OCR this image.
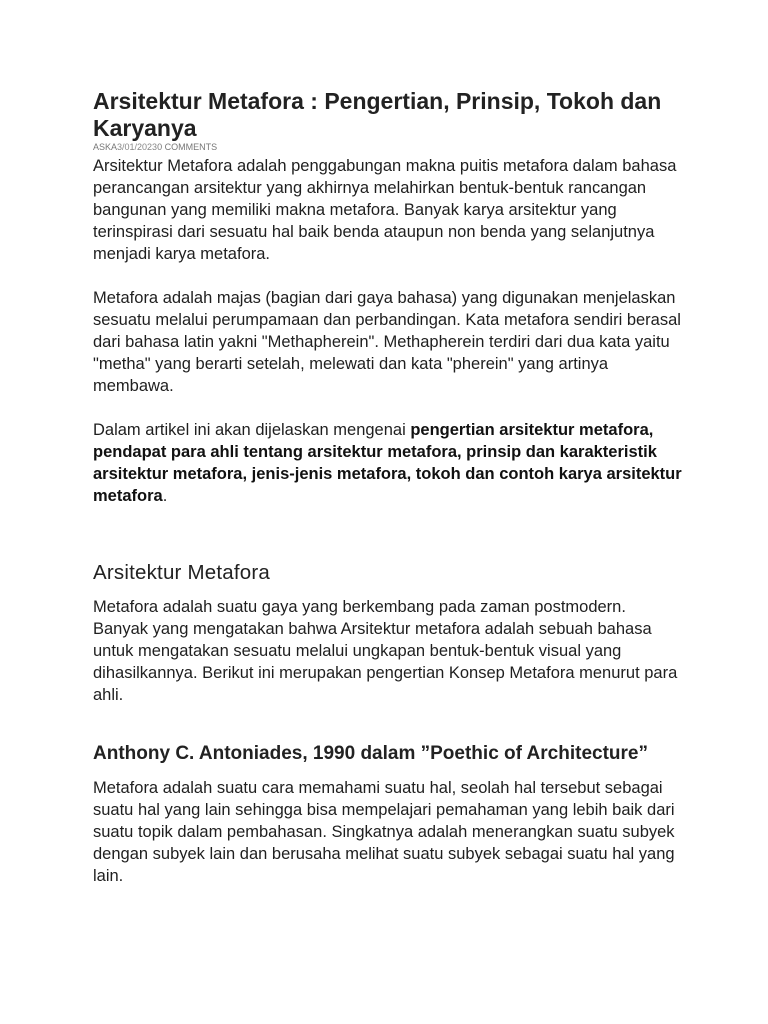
Arsitektur Metafora : Pengertian, Prinsip, Tokoh dan Karyanya
ASKA3/01/20230 COMMENTS

Arsitektur Metafora adalah penggabungan makna puitis metafora dalam bahasa perancangan arsitektur yang akhirnya melahirkan bentuk-bentuk rancangan bangunan yang memiliki makna metafora. Banyak karya arsitektur yang terinspirasi dari sesuatu hal baik benda ataupun non benda yang selanjutnya menjadi karya metafora.

Metafora adalah majas (bagian dari gaya bahasa) yang digunakan menjelaskan sesuatu melalui perumpamaan dan perbandingan. Kata metafora sendiri berasal dari bahasa latin yakni "Methapherein". Methapherein terdiri dari dua kata yaitu "metha" yang berarti setelah, melewati dan kata "pherein" yang artinya membawa.

Dalam artikel ini akan dijelaskan mengenai pengertian arsitektur metafora, pendapat para ahli tentang arsitektur metafora, prinsip dan karakteristik arsitektur metafora, jenis-jenis metafora, tokoh dan contoh karya arsitektur metafora.

Arsitektur Metafora

Metafora adalah suatu gaya yang berkembang pada zaman postmodern. Banyak yang mengatakan bahwa Arsitektur metafora adalah sebuah bahasa untuk mengatakan sesuatu melalui ungkapan bentuk-bentuk visual yang dihasilkannya. Berikut ini merupakan pengertian Konsep Metafora menurut para ahli.

Anthony C. Antoniades, 1990 dalam ”Poethic of Architecture”

Metafora adalah suatu cara memahami suatu hal, seolah hal tersebut sebagai suatu hal yang lain sehingga bisa mempelajari pemahaman yang lebih baik dari suatu topik dalam pembahasan. Singkatnya adalah menerangkan suatu subyek dengan subyek lain dan berusaha melihat suatu subyek sebagai suatu hal yang lain.
